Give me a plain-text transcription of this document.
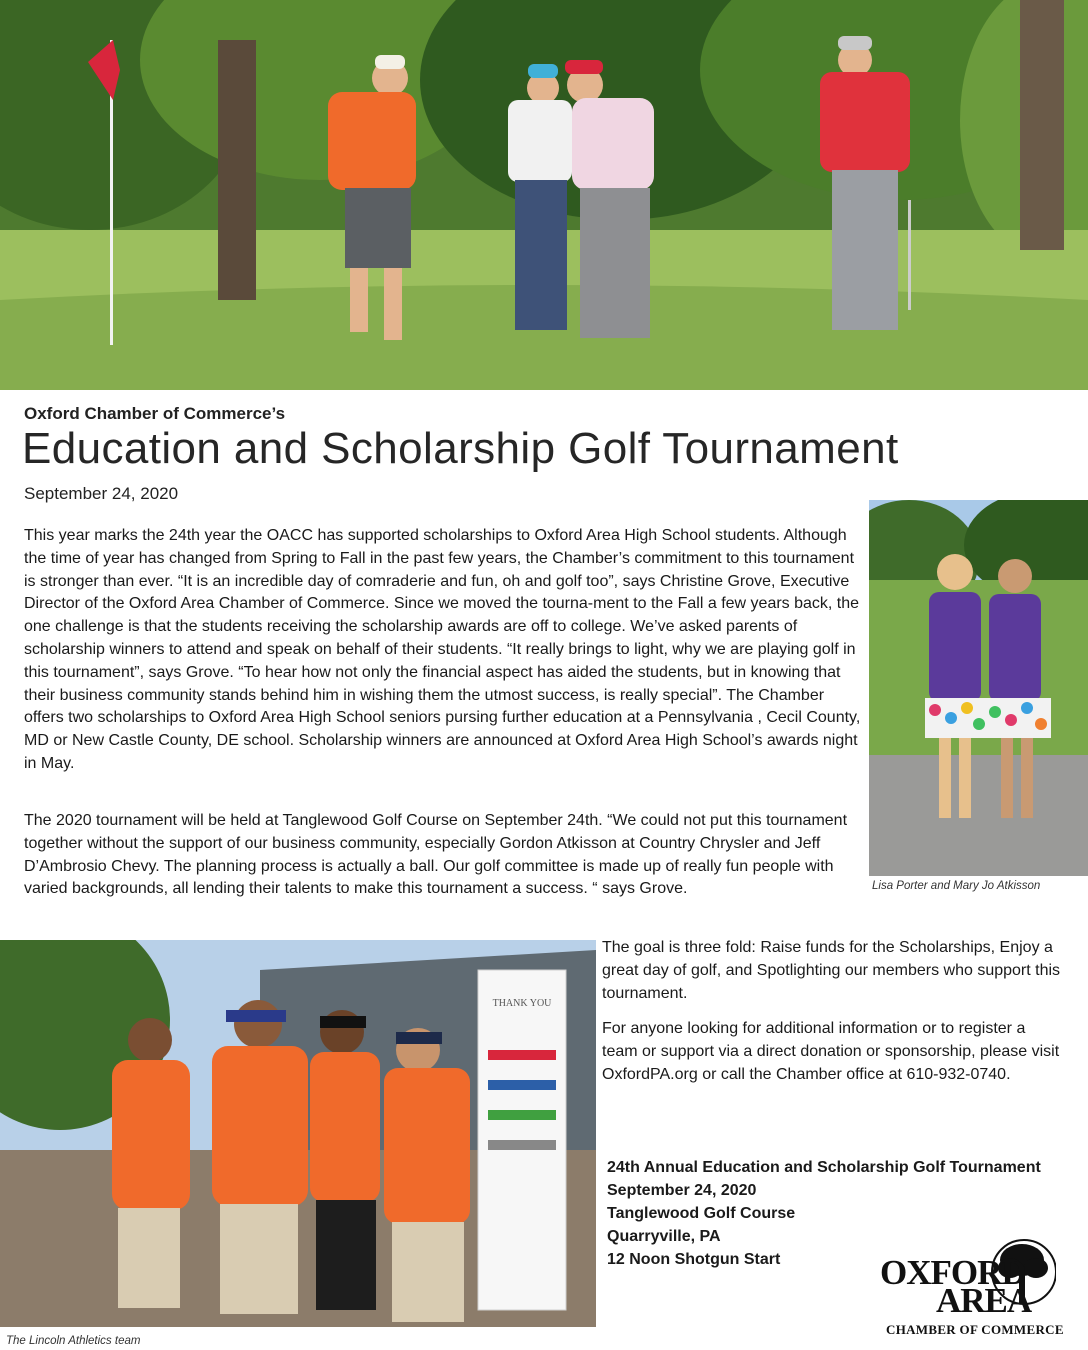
Oxford Chamber of Commerce’s
Education and Scholarship Golf Tournament
September 24, 2020

This year marks the 24th year the OACC has supported scholarships to Oxford Area High School students. Although the time of year has changed from Spring to Fall in the past few years, the Chamber’s commitment to this tournament is stronger than ever. “It is an incredible day of comraderie and fun, oh and golf too”, says Christine Grove, Executive Director of the Oxford Area Chamber of Commerce. Since we moved the tourna-ment to the Fall a few years back, the one challenge is that the students receiving the scholarship awards are off to college. We’ve asked parents of scholarship winners to attend and speak on behalf of their students. “It really brings to light, why we are playing golf in this tournament”, says Grove. “To hear how not only the financial aspect has aided the students, but in knowing that their business community stands behind him in wishing them the utmost success, is really special”. The Chamber offers two scholarships to Oxford Area High School seniors pursing further education at a Pennsylvania , Cecil County, MD or New Castle County, DE school. Scholarship winners are announced at Oxford Area High School’s awards night in May.

The 2020 tournament will be held at Tanglewood Golf Course on September 24th. “We could not put this tournament together without the support of our business community, especially Gordon Atkisson at Country Chrysler and Jeff D’Ambrosio Chevy. The planning process is actually a ball. Our golf committee is made up of really fun people with varied backgrounds, all lending their talents to make this tournament a success. “ says Grove.	Lisa Porter and Mary Jo Atkisson
THANK YOU
The Lincoln Athletics team

The goal is three fold: Raise funds for the Scholarships, Enjoy a great day of golf, and Spotlighting our members who support this tournament.

For anyone looking for additional information or to register a team or support via a direct donation or sponsorship, please visit OxfordPA.org or call the Chamber office at 610-932-0740.

24th Annual Education and Scholarship Golf Tournament
September 24, 2020
Tanglewood Golf Course
Quarryville, PA
12 Noon Shotgun Start	OXFORD
AREA
CHAMBER OF COMMERCE
